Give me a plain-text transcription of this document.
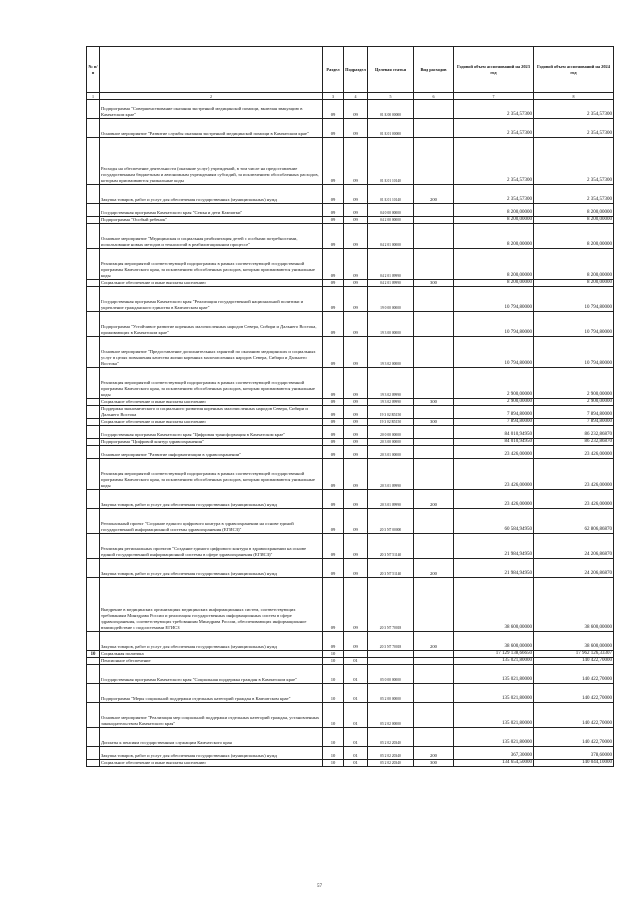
№ п/п		Раздел	Подраздел	Целевая статья	Вид расходов	Годовой объем ассигнований на 2023 год	Годовой объем ассигнований на 2024 год
1	2	3	4	5	6	7	8
	Подпрограмма "Совершенствование оказания экстренной медицинской помощи, включая эвакуацию в Камчатском крае"	09	09	01 Б 00 00000		2 354,57300	2 354,57300
	Основное мероприятие "Развитие службы оказания экстренной медицинской помощи в Камчатском крае"	09	09	01 Б 01 00000		2 354,57300	2 354,57300
	Расходы на обеспечение деятельности (оказание услуг) учреждений, в том числе на предоставление государственным бюджетным и автономным учреждениям субсидий, за исключением обособленных расходов, которым присваиваются уникальные коды	09	09	01 Б 01 10140		2 354,57300	2 354,57300
	Закупка товаров, работ и услуг для обеспечения государственных (муниципальных) нужд	09	09	01 Б 01 10140	200	2 354,57300	2 354,57300
	Государственная программа Камчатского края "Семья и дети Камчатки"	09	09	04 0 00 00000		8 200,00000	8 200,00000
	Подпрограмма "Особый ребенок"	09	09	04 2 00 00000		8 200,00000	8 200,00000
	Основное мероприятие "Медицинская и социальная реабилитация детей с особыми потребностями, использование новых методов и технологий в реабилитационном процессе"	09	09	04 2 01 00000		8 200,00000	8 200,00000
	Реализация мероприятий соответствующей подпрограммы в рамках соответствующей государственной программы Камчатского края, за исключением обособленных расходов, которым присваиваются уникальные коды	09	09	04 2 01 09990		8 200,00000	8 200,00000
	Социальное обеспечение и иные выплаты населению	09	09	04 2 01 09990	300	8 200,00000	8 200,00000
	Государственная программа Камчатского края "Реализация государственной национальной политики и укрепление гражданского единства в Камчатском крае"	09	09	19 0 00 00000		10 794,80000	10 794,80000
	Подпрограмма "Устойчивое развитие коренных малочисленных народов Севера, Сибири и Дальнего Востока, проживающих в Камчатском крае"	09	09	19 3 00 00000		10 794,80000	10 794,80000
	Основное мероприятие "Предоставление дополнительных гарантий по оказанию медицинских и социальных услуг в целях повышения качества жизни коренных малочисленных народов Севера, Сибири и Дальнего Востока"	09	09	19 3 02 00000		10 794,80000	10 794,80000
	Реализация мероприятий соответствующей подпрограммы в рамках соответствующей государственной программы Камчатского края, за исключением обособленных расходов, которым присваиваются уникальные коды	09	09	19 3 02 09990		2 900,00000	2 900,00000
	Социальное обеспечение и иные выплаты населению	09	09	19 3 02 09990	300	2 900,00000	2 900,00000
	Поддержка экономического и социального развития коренных малочисленных народов Севера, Сибири и Дальнего Востока	09	09	19 3 02 R5150		7 894,80000	7 894,80000
	Социальное обеспечение и иные выплаты населению	09	09	19 3 02 R5150	300	7 894,80000	7 894,80000
	Государственная программа Камчатского края "Цифровая трансформация в Камчатском крае"	09	09	20 0 00 00000		84 010,94950	86 232,86870
	Подпрограмма "Цифровой контур здравоохранения"	09	09	20 3 00 00000		84 010,94950	86 232,86870
	Основное мероприятие "Развитие информатизации в здравоохранении"	09	09	20 3 01 00000		23 426,00000	23 426,00000
	Реализация мероприятий соответствующей подпрограммы в рамках соответствующей государственной программы Камчатского края, за исключением обособленных расходов, которым присваиваются уникальные коды	09	09	20 3 01 09990		23 426,00000	23 426,00000
	Закупка товаров, работ и услуг для обеспечения государственных (муниципальных) нужд	09	09	20 3 01 09990	200	23 426,00000	23 426,00000
	Региональный проект "Создание единого цифрового контура в здравоохранении на основе единой государственной информационной системы здравоохранения (ЕГИСЗ)"	09	09	20 3 N7 00000		60 584,94950	62 806,86870
	Реализация региональных проектов "Создание единого цифрового контура в здравоохранении на основе единой государственной информационной системы в сфере здравоохранения (ЕГИСЗ)"	09	09	20 3 N7 51140		21 984,94950	24 206,86870
	Закупка товаров, работ и услуг для обеспечения государственных (муниципальных) нужд	09	09	20 3 N7 51140	200	21 984,94950	24 206,86870
	Внедрение в медицинских организациях медицинских информационных систем, соответствующих требованиям Минздрава России и реализация государственных информационных систем в сфере здравоохранения, соответствующих требованиям Минздрава России, обеспечивающих информационное взаимодействие с подсистемами ЕГИСЗ	09	09	20 3 N7 70018		38 600,00000	38 600,00000
	Закупка товаров, работ и услуг для обеспечения государственных (муниципальных) нужд	09	09	20 3 N7 70018	200	38 600,00000	38 600,00000
10	Социальная политика	10				17 129 138,66650	17 962 126,33307
	Пенсионное обеспечение	10	01			135 021,80000	140 422,70000
	Государственная программа Камчатского края "Социальная поддержка граждан в Камчатском крае"	10	01	05 0 00 00000		135 021,80000	140 422,70000
	Подпрограмма "Меры социальной поддержки отдельных категорий граждан в Камчатском крае"	10	01	05 2 00 00000		135 021,80000	140 422,70000
	Основное мероприятие "Реализация мер социальной поддержки отдельных категорий граждан, установленных законодательством Камчатского края"	10	01	05 2 02 00000		135 021,80000	140 422,70000
	Доплаты к пенсиям государственным служащим Камчатского края	10	01	05 2 02 20340		135 021,80000	140 422,70000
	Закупка товаров, работ и услуг для обеспечения государственных (муниципальных) нужд	10	01	05 2 02 20340	200	367,30000	378,60000
	Социальное обеспечение и иные выплаты населению	10	01	05 2 02 20340	300	134 654,50000	140 044,10000
57
